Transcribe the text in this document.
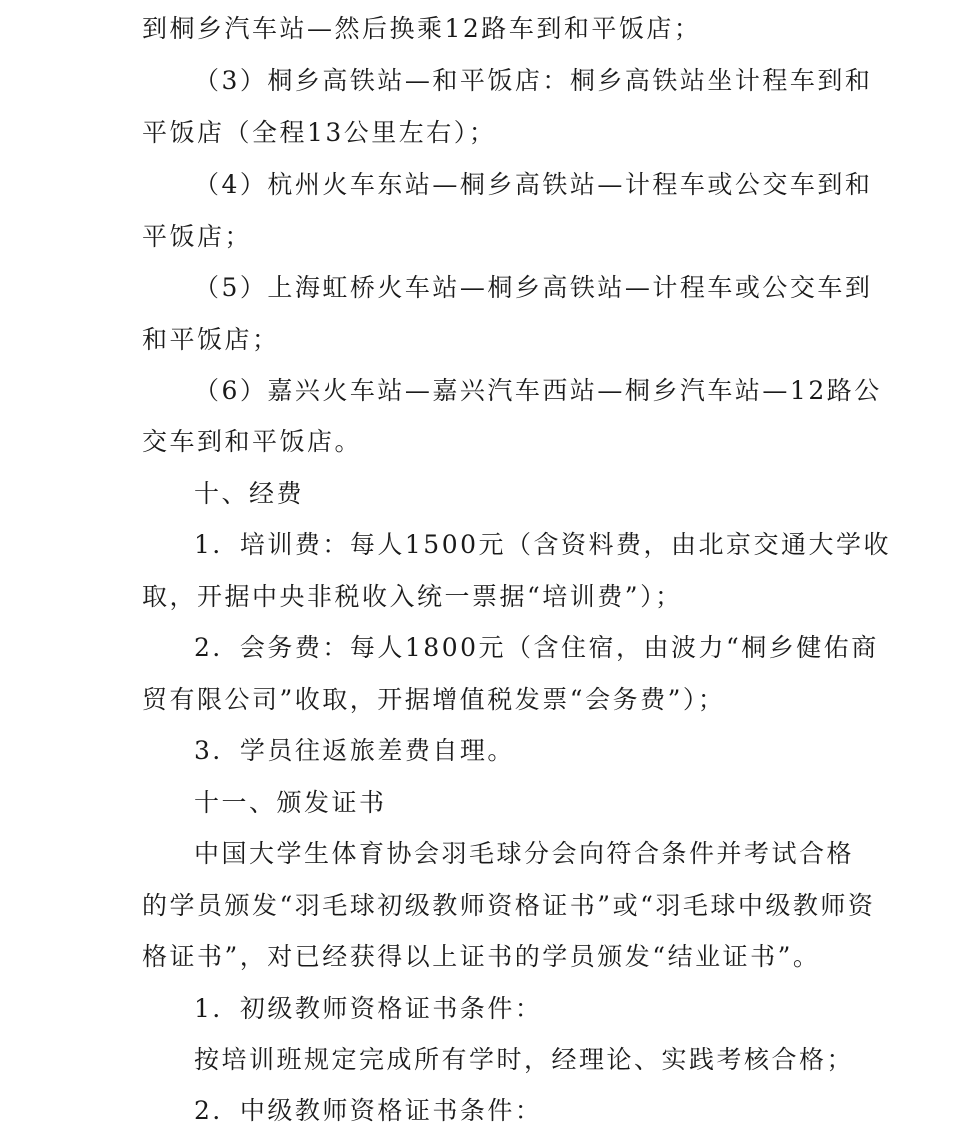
到桐乡汽车站—然后换乘12路车到和平饭店；
（3）桐乡高铁站—和平饭店：桐乡高铁站坐计程车到和
平饭店（全程13公里左右）；
（4）杭州火车东站—桐乡高铁站—计程车或公交车到和
平饭店；
（5）上海虹桥火车站—桐乡高铁站—计程车或公交车到
和平饭店；
（6）嘉兴火车站—嘉兴汽车西站—桐乡汽车站—12路公
交车到和平饭店。
十、经费
1．培训费：每人1500元（含资料费，由北京交通大学收
取，开据中央非税收入统一票据“培训费”）；
2．会务费：每人1800元（含住宿，由波力“桐乡健佑商
贸有限公司”收取，开据增值税发票“会务费”）；
3．学员往返旅差费自理。
十一、颁发证书
中国大学生体育协会羽毛球分会向符合条件并考试合格
的学员颁发“羽毛球初级教师资格证书”或“羽毛球中级教师资
格证书”，对已经获得以上证书的学员颁发“结业证书”。
1．初级教师资格证书条件：
按培训班规定完成所有学时，经理论、实践考核合格；
2．中级教师资格证书条件：
